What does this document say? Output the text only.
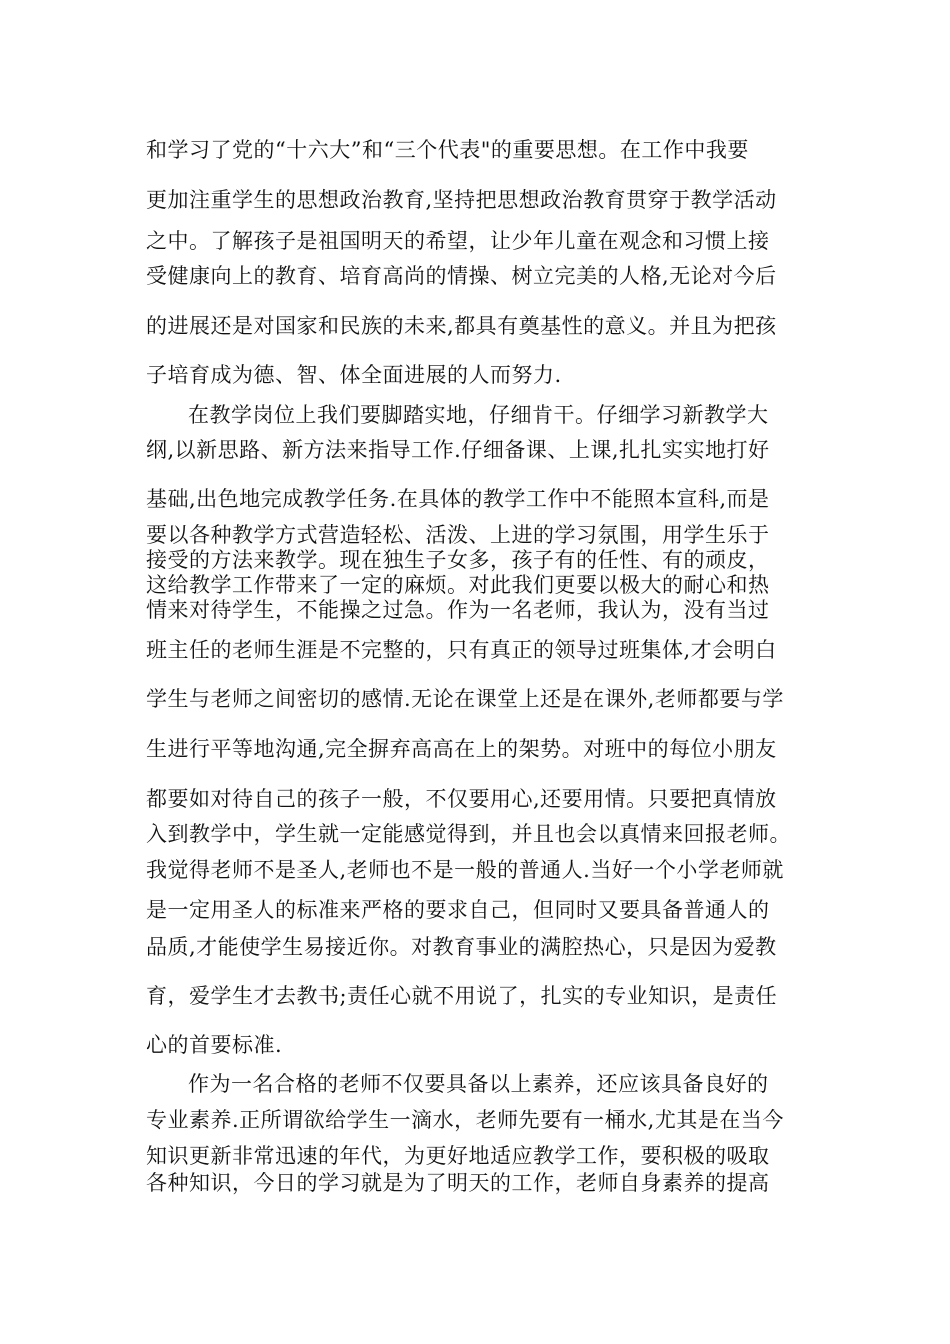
和学习了党的“十六大”和“三个代表"的重要思想。在工作中我要
更加注重学生的思想政治教育,坚持把思想政治教育贯穿于教学活动
之中。了解孩子是祖国明天的希望，让少年儿童在观念和习惯上接
受健康向上的教育、培育高尚的情操、树立完美的人格,无论对今后
的进展还是对国家和民族的未来,都具有奠基性的意义。并且为把孩
子培育成为德、智、体全面进展的人而努力.
在教学岗位上我们要脚踏实地，仔细肯干。仔细学习新教学大
纲,以新思路、新方法来指导工作.仔细备课、上课,扎扎实实地打好
基础,出色地完成教学任务.在具体的教学工作中不能照本宣科,而是
要以各种教学方式营造轻松、活泼、上进的学习氛围，用学生乐于
接受的方法来教学。现在独生子女多，孩子有的任性、有的顽皮，
这给教学工作带来了一定的麻烦。对此我们更要以极大的耐心和热
情来对待学生，不能操之过急。作为一名老师，我认为，没有当过
班主任的老师生涯是不完整的，只有真正的领导过班集体,才会明白
学生与老师之间密切的感情.无论在课堂上还是在课外,老师都要与学
生进行平等地沟通,完全摒弃高高在上的架势。对班中的每位小朋友
都要如对待自己的孩子一般，不仅要用心,还要用情。只要把真情放
入到教学中，学生就一定能感觉得到，并且也会以真情来回报老师。
我觉得老师不是圣人,老师也不是一般的普通人.当好一个小学老师就
是一定用圣人的标准来严格的要求自己，但同时又要具备普通人的
品质,才能使学生易接近你。对教育事业的满腔热心，只是因为爱教
育，爱学生才去教书;责任心就不用说了，扎实的专业知识，是责任
心的首要标准.
作为一名合格的老师不仅要具备以上素养，还应该具备良好的
专业素养.正所谓欲给学生一滴水，老师先要有一桶水,尤其是在当今
知识更新非常迅速的年代，为更好地适应教学工作，要积极的吸取
各种知识，今日的学习就是为了明天的工作，老师自身素养的提高
